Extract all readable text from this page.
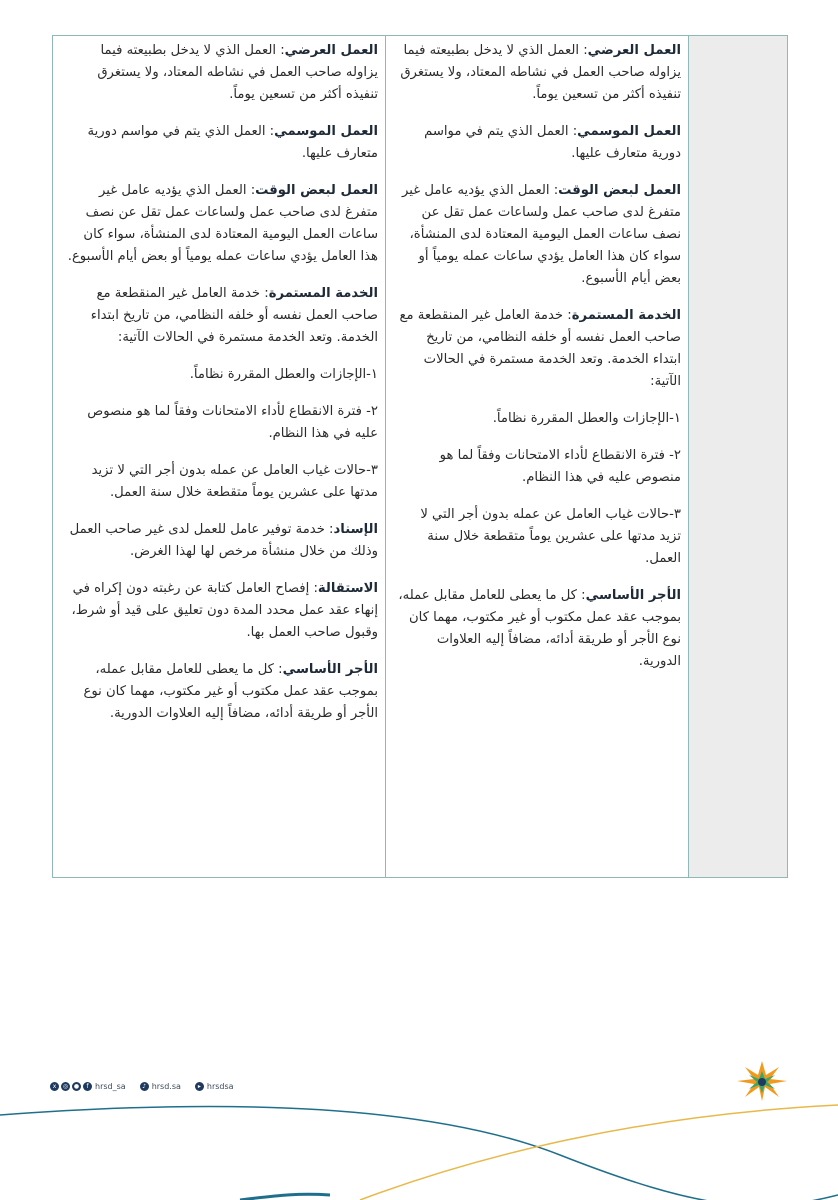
العمل العرضي: العمل الذي لا يدخل بطبيعته فيما يزاوله صاحب العمل في نشاطه المعتاد، ولا يستغرق تنفيذه أكثر من تسعين يوماً.

العمل الموسمي: العمل الذي يتم في مواسم دورية متعارف عليها.

العمل لبعض الوقت: العمل الذي يؤديه عامل غير متفرغ لدى صاحب عمل ولساعات عمل تقل عن نصف ساعات العمل اليومية المعتادة لدى المنشأة، سواء كان هذا العامل يؤدي ساعات عمله يومياً أو بعض أيام الأسبوع.

الخدمة المستمرة: خدمة العامل غير المنقطعة مع صاحب العمل نفسه أو خلفه النظامي، من تاريخ ابتداء الخدمة. وتعد الخدمة مستمرة في الحالات الآتية:

١-الإجازات والعطل المقررة نظاماً.

٢- فترة الانقطاع لأداء الامتحانات وفقاً لما هو منصوص عليه في هذا النظام.

٣-حالات غياب العامل عن عمله بدون أجر التي لا تزيد مدتها على عشرين يوماً متقطعة خلال سنة العمل.

الأجر الأساسي: كل ما يعطى للعامل مقابل عمله، بموجب عقد عمل مكتوب أو غير مكتوب، مهما كان نوع الأجر أو طريقة أدائه، مضافاً إليه العلاوات الدورية.

العمل العرضي: العمل الذي لا يدخل بطبيعته فيما يزاوله صاحب العمل في نشاطه المعتاد، ولا يستغرق تنفيذه أكثر من تسعين يوماً.

العمل الموسمي: العمل الذي يتم في مواسم دورية متعارف عليها.

العمل لبعض الوقت: العمل الذي يؤديه عامل غير متفرغ لدى صاحب عمل ولساعات عمل تقل عن نصف ساعات العمل اليومية المعتادة لدى المنشأة، سواء كان هذا العامل يؤدي ساعات عمله يومياً أو بعض أيام الأسبوع.

الخدمة المستمرة: خدمة العامل غير المنقطعة مع صاحب العمل نفسه أو خلفه النظامي، من تاريخ ابتداء الخدمة. وتعد الخدمة مستمرة في الحالات الآتية:

١-الإجازات والعطل المقررة نظاماً.

٢- فترة الانقطاع لأداء الامتحانات وفقاً لما هو منصوص عليه في هذا النظام.

٣-حالات غياب العامل عن عمله بدون أجر التي لا تزيد مدتها على عشرين يوماً متقطعة خلال سنة العمل.

الإسناد: خدمة توفير عامل للعمل لدى غير صاحب العمل وذلك من خلال منشأة مرخص لها لهذا الغرض.

الاستقالة: إفصاح العامل كتابة عن رغبته دون إكراه في إنهاء عقد عمل محدد المدة دون تعليق على قيد أو شرط، وقبول صاحب العمل بها.

الأجر الأساسي: كل ما يعطى للعامل مقابل عمله، بموجب عقد عمل مكتوب أو غير مكتوب، مهما كان نوع الأجر أو طريقة أدائه، مضافاً إليه العلاوات الدورية.

x	◎ ●	f hrsd_sa	♪ hrsd.sa	▸ hrsdsa
